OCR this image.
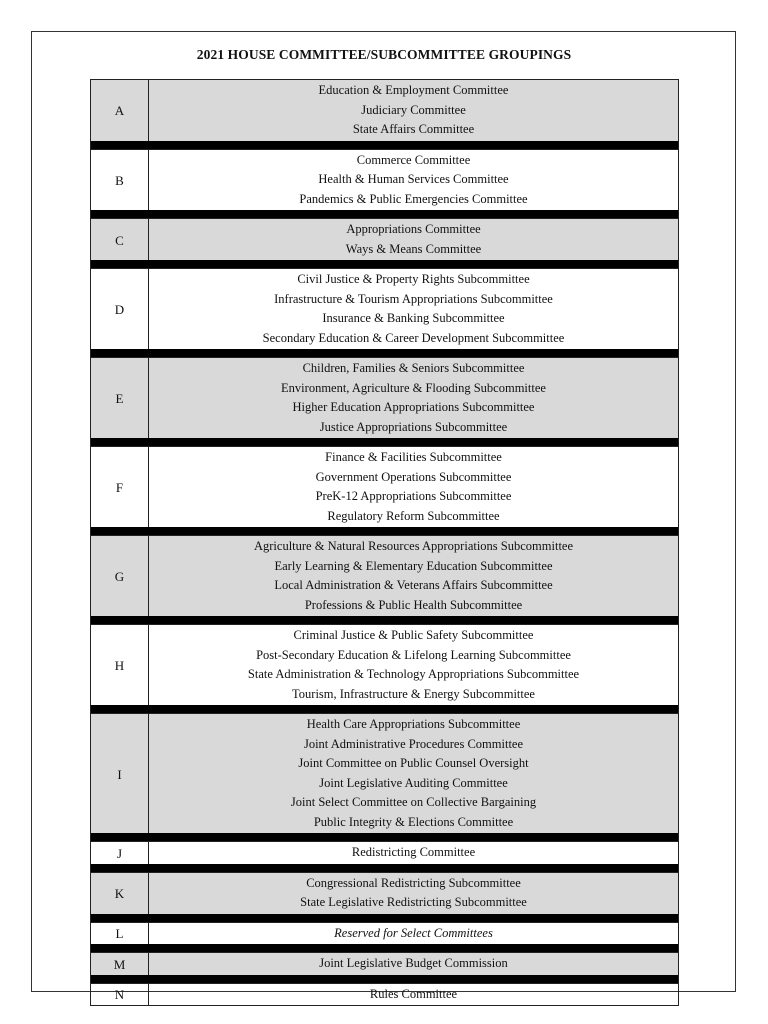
2021 HOUSE COMMITTEE/SUBCOMMITTEE GROUPINGS
A
Education & Employment Committee
Judiciary Committee
State Affairs Committee
B
Commerce Committee
Health & Human Services Committee
Pandemics & Public Emergencies Committee
C
Appropriations Committee
Ways & Means Committee
D
Civil Justice & Property Rights Subcommittee
Infrastructure & Tourism Appropriations Subcommittee
Insurance & Banking Subcommittee
Secondary Education & Career Development Subcommittee
E
Children, Families & Seniors Subcommittee
Environment, Agriculture & Flooding Subcommittee
Higher Education Appropriations Subcommittee
Justice Appropriations Subcommittee
F
Finance & Facilities Subcommittee
Government Operations Subcommittee
PreK-12 Appropriations Subcommittee
Regulatory Reform Subcommittee
G
Agriculture & Natural Resources Appropriations Subcommittee
Early Learning & Elementary Education Subcommittee
Local Administration & Veterans Affairs Subcommittee
Professions & Public Health Subcommittee
H
Criminal Justice & Public Safety Subcommittee
Post-Secondary Education & Lifelong Learning Subcommittee
State Administration & Technology Appropriations Subcommittee
Tourism, Infrastructure & Energy Subcommittee
I
Health Care Appropriations Subcommittee
Joint Administrative Procedures Committee
Joint Committee on Public Counsel Oversight
Joint Legislative Auditing Committee
Joint Select Committee on Collective Bargaining
Public Integrity & Elections Committee
J	Redistricting Committee
K
Congressional Redistricting Subcommittee
State Legislative Redistricting Subcommittee
L	Reserved for Select Committees
M	Joint Legislative Budget Commission
N	Rules Committee
